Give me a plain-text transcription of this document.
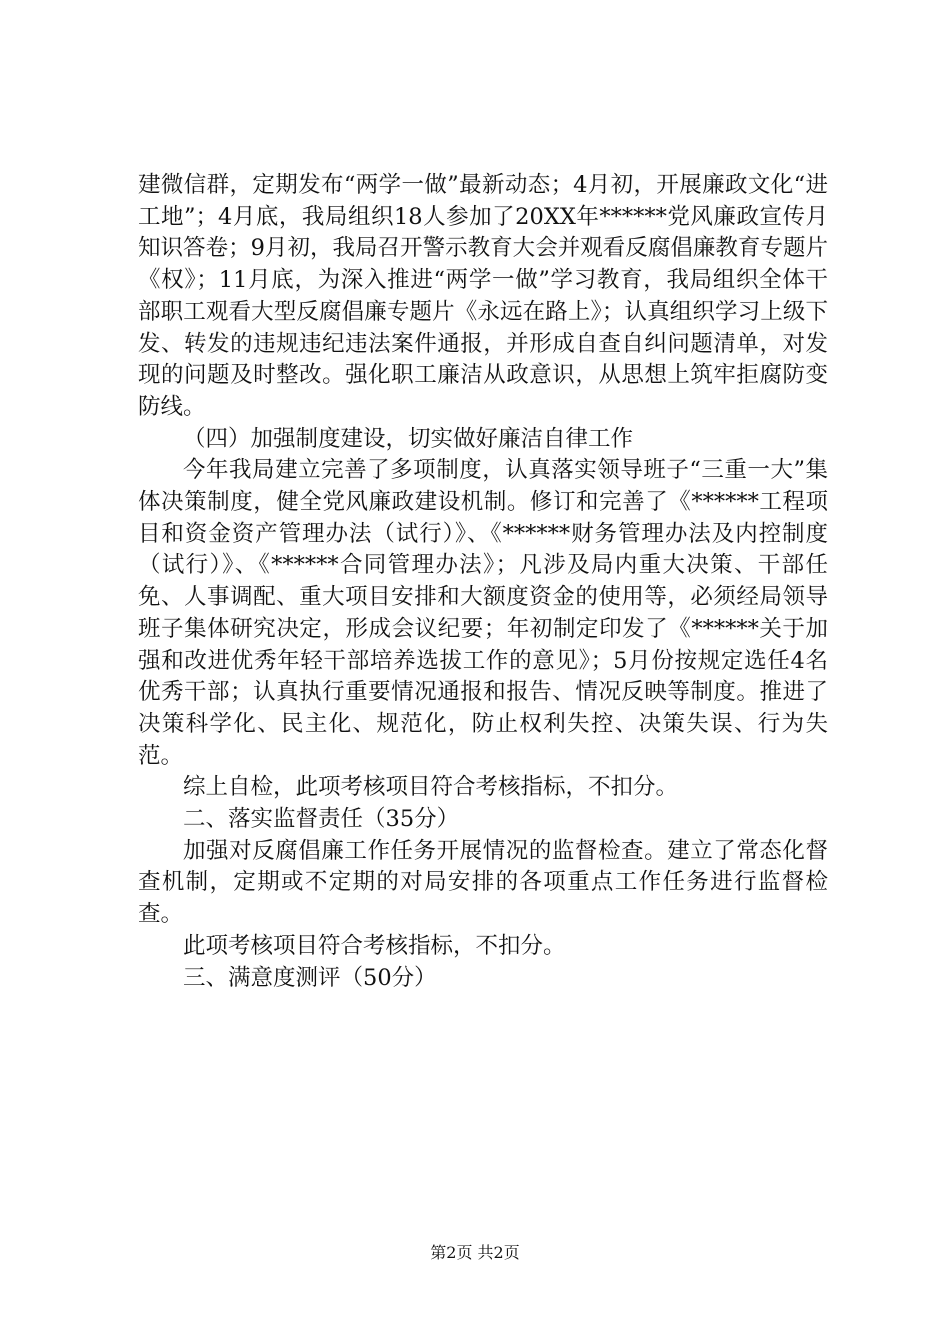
建微信群，定期发布“两学一做”最新动态；4月初，开展廉政文化“进工地”；4月底，我局组织18人参加了20XX年******党风廉政宣传月知识答卷；9月初，我局召开警示教育大会并观看反腐倡廉教育专题片《权》；11月底，为深入推进“两学一做”学习教育，我局组织全体干部职工观看大型反腐倡廉专题片《永远在路上》；认真组织学习上级下发、转发的违规违纪违法案件通报，并形成自查自纠问题清单，对发现的问题及时整改。强化职工廉洁从政意识，从思想上筑牢拒腐防变防线。

（四）加强制度建设，切实做好廉洁自律工作

今年我局建立完善了多项制度，认真落实领导班子“三重一大”集体决策制度，健全党风廉政建设机制。修订和完善了《******工程项目和资金资产管理办法（试行）》、《******财务管理办法及内控制度（试行）》、《******合同管理办法》；凡涉及局内重大决策、干部任免、人事调配、重大项目安排和大额度资金的使用等，必须经局领导班子集体研究决定，形成会议纪要；年初制定印发了《******关于加强和改进优秀年轻干部培养选拔工作的意见》；5月份按规定选任4名优秀干部；认真执行重要情况通报和报告、情况反映等制度。推进了决策科学化、民主化、规范化，防止权利失控、决策失误、行为失范。

综上自检，此项考核项目符合考核指标，不扣分。

二、落实监督责任（35分）

加强对反腐倡廉工作任务开展情况的监督检查。建立了常态化督查机制，定期或不定期的对局安排的各项重点工作任务进行监督检查。

此项考核项目符合考核指标，不扣分。

三、满意度测评（50分）

第2页 共2页
